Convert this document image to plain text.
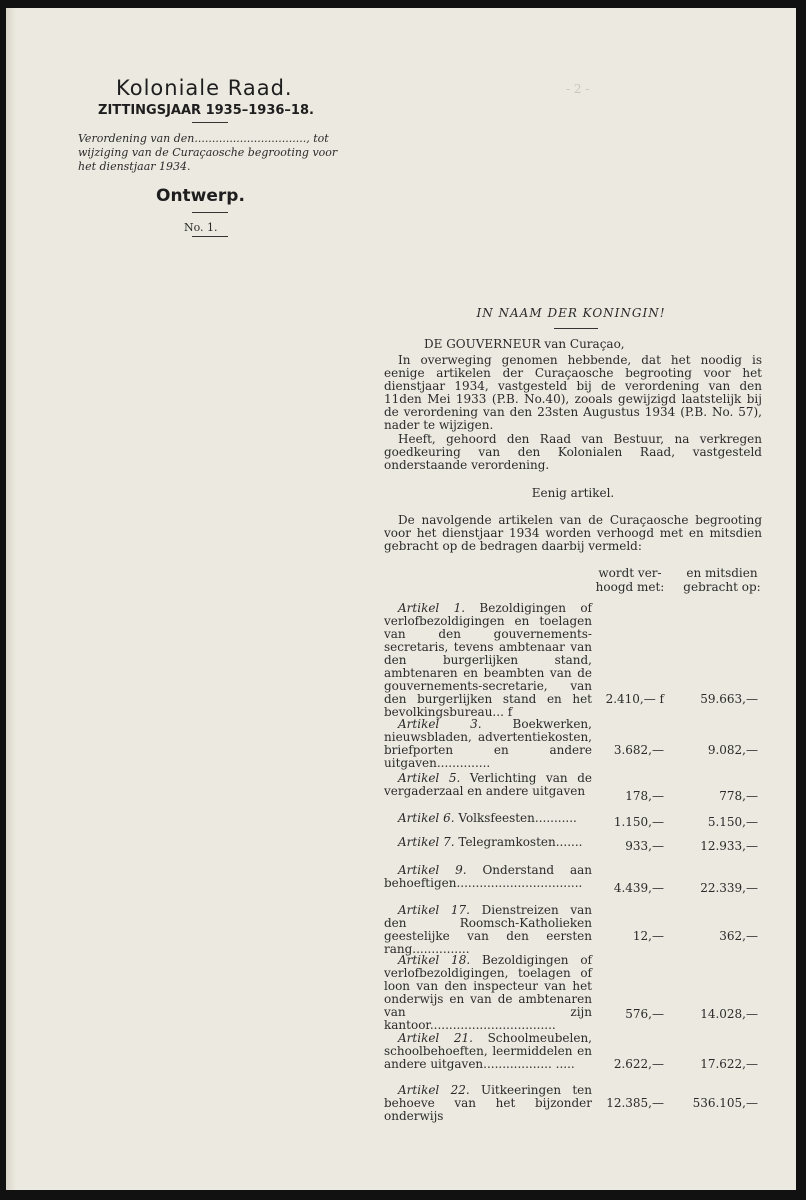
Koloniale Raad.
ZITTINGSJAAR 1935–1936–18.
Verordening van den................................, tot wijziging van de Curaçaosche begrooting voor het dienstjaar 1934.
Ontwerp.
No. 1.
- 2 -
IN NAAM DER KONINGIN!
DE GOUVERNEUR van Curaçao,
In overweging genomen hebbende, dat het noodig is eenige artikelen der Curaçaosche begrooting voor het dienstjaar 1934, vastgesteld bij de verordening van den 11den Mei 1933 (P.B. No.40), zooals gewijzigd laatstelijk bij de verordening van den 23sten Augustus 1934 (P.B. No. 57), nader te wijzigen.
Heeft, gehoord den Raad van Bestuur, na verkregen goedkeuring van den Kolonialen Raad, vastgesteld onderstaande verordening.
Eenig artikel.
De navolgende artikelen van de Curaçaosche begrooting voor het dienstjaar 1934 worden verhoogd met en mitsdien gebracht op de bedragen daarbij vermeld:
wordt ver-
hoogd met:
en mitsdien
gebracht op:
Artikel 1. Bezoldigingen of verlofbezoldigingen en toelagen van den gouvernements-secretaris, tevens ambtenaar van den burgerlijken stand, ambtenaren en beambten van de gouvernements-secretarie, van den burgerlijken stand en het bevolkingsbureau... f
2.410,— f	59.663,—
Artikel 3.	Boekwerken, nieuwsbladen, advertentiekosten, briefporten en andere uitgaven..............
3.682,—	9.082,—
Artikel 5. Verlichting van de vergaderzaal en andere uitgaven	178,—	778,—
Artikel 6. Volksfeesten...........	1.150,—	5.150,—
Artikel 7. Telegramkosten.......	933,—	12.933,—
Artikel 9. Onderstand aan behoeftigen.................................	4.439,—	22.339,—
Artikel 17. Dienstreizen van den Roomsch-Katholieken geestelijke van den eersten rang...............
12,—	362,—
Artikel 18. Bezoldigingen of verlofbezoldigingen, toelagen of loon van den inspecteur van het onderwijs en van de ambtenaren van zijn kantoor.................................
576,—	14.028,—
Artikel 21. Schoolmeubelen, schoolbehoeften, leermiddelen en andere uitgaven.................. .....	2.622,—	17.622,—
Artikel 22. Uitkeeringen ten behoeve van het bijzonder onderwijs
12.385,—	536.105,—
